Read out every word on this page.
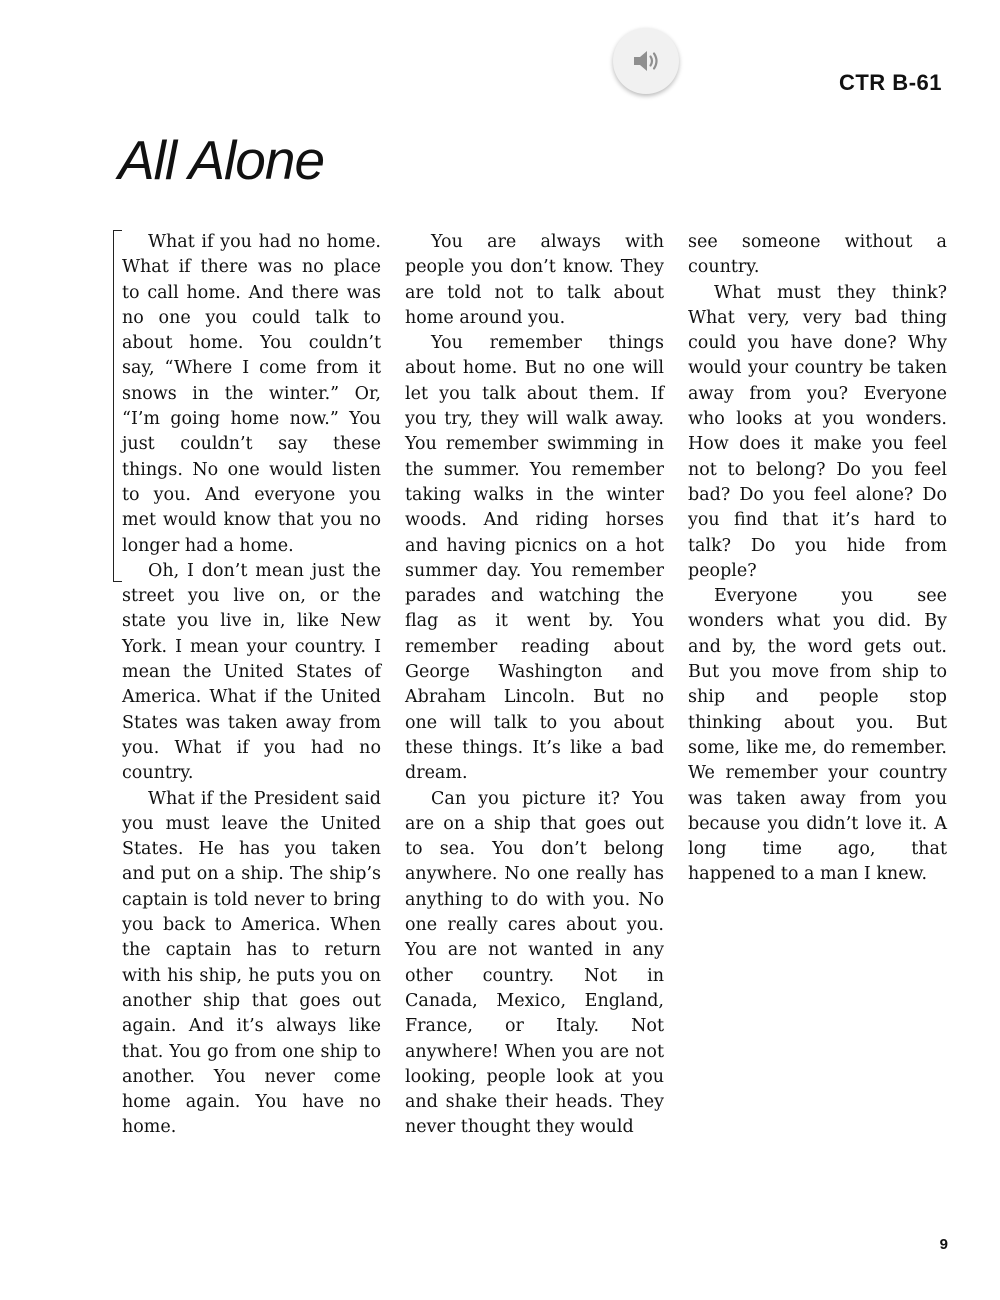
CTR B-61

All Alone

What if you had no home. What if there was no place to call home. And there was no one you could talk to about home. You couldn’t say, “Where I come from it snows in the winter.” Or, “I’m going home now.” You just couldn’t say these things. No one would listen to you. And everyone you met would know that you no longer had a home.

Oh, I don’t mean just the street you live on, or the state you live in, like New York. I mean your country. I mean the United States of America. What if the United States was taken away from you. What if you had no country.

What if the President said you must leave the United States. He has you taken and put on a ship. The ship’s captain is told never to bring you back to America. When the captain has to return with his ship, he puts you on another ship that goes out again. And it’s always like that. You go from one ship to another. You never come home again. You have no home.

You are always with people you don’t know. They are told not to talk about home around you.

You remember things about home. But no one will let you talk about them. If you try, they will walk away. You remember swimming in the summer. You remember taking walks in the winter woods. And riding horses and having picnics on a hot summer day. You remember parades and watching the flag as it went by. You remember reading about George Washington and Abraham Lincoln. But no one will talk to you about these things. It’s like a bad dream.

Can you picture it? You are on a ship that goes out to sea. You don’t belong anywhere. No one really has anything to do with you. No one really cares about you. You are not wanted in any other country. Not in Canada, Mexico, England, France, or Italy. Not anywhere! When you are not looking, people look at you and shake their heads. They never thought they would

see someone without a country.

What must they think? What very, very bad thing could you have done? Why would your country be taken away from you? Everyone who looks at you wonders. How does it make you feel not to belong? Do you feel bad? Do you feel alone? Do you find that it’s hard to talk? Do you hide from people?

Everyone you see wonders what you did. By and by, the word gets out. But you move from ship to ship and people stop thinking about you. But some, like me, do remember. We remember your country was taken away from you because you didn’t love it. A long time ago, that happened to a man I knew.

9
